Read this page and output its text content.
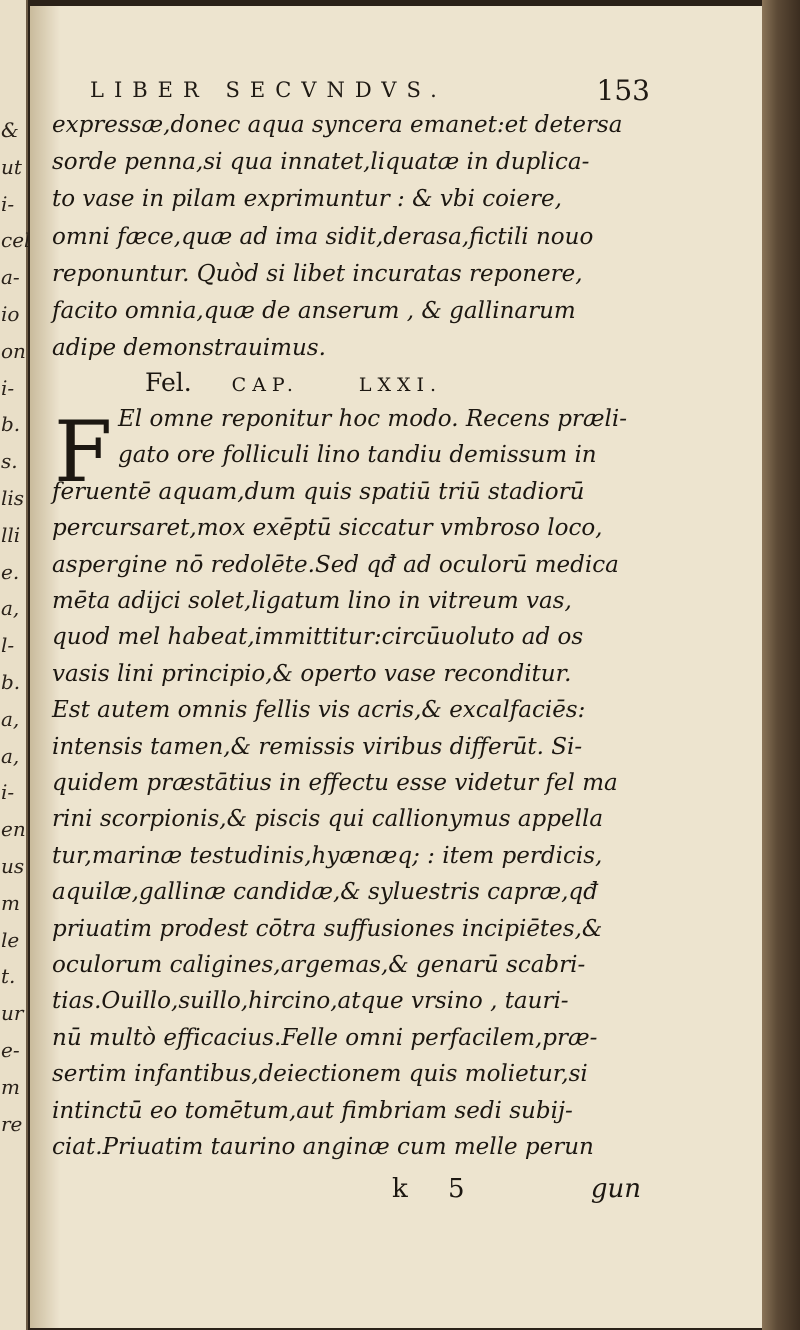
&
ut
i-
cel
a-
io
on
i-
b.
s.
lis
lli
e.
a,
l-
b.
a,
a,
i-
en
us
m
le
t.
ur
e-
m
re
LIBER SECVNDVS.	153
expressæ,donec aqua syncera emanet:et detersa
sorde penna,si qua innatet,liquatæ in duplica-
to vase in pilam exprimuntur : & vbi coiere,
omni fæce,quæ ad ima sidit,derasa,fictili nouo
reponuntur. Quòd si libet incuratas reponere,
facito omnia,quæ de anserum , & gallinarum
adipe demonstrauimus.
Fel. CAP.	LXXI.
F El omne reponitur hoc modo. Recens præli-
gato ore folliculi lino tandiu demissum in
feruentē aquam,dum quis spatiū triū stadiorū
percursaret,mox exēptū siccatur vmbroso loco,
aspergine nō redolēte.Sed qđ ad oculorū medica
mēta adijci solet,ligatum lino in vitreum vas,
quod mel habeat,immittitur:circūuoluto ad os
vasis lini principio,& operto vase reconditur.
Est autem omnis fellis vis acris,& excalfaciēs:
intensis tamen,& remissis viribus differūt. Si-
quidem præstātius in effectu esse videtur fel ma
rini scorpionis,& piscis qui callionymus appella
tur,marinæ testudinis,hyænæq; : item perdicis,
aquilæ,gallinæ candidæ,& syluestris capræ,qđ
priuatim prodest cōtra suffusiones incipiētes,&
oculorum caligines,argemas,& genarū scabri-
tias.Ouillo,suillo,hircino,atque vrsino , tauri-
nū multò efficacius.Felle omni perfacilem,præ-
sertim infantibus,deiectionem quis molietur,si
intinctū eo tomētum,aut fimbriam sedi subij-
ciat.Priuatim taurino anginæ cum melle perun
k 5	gun
